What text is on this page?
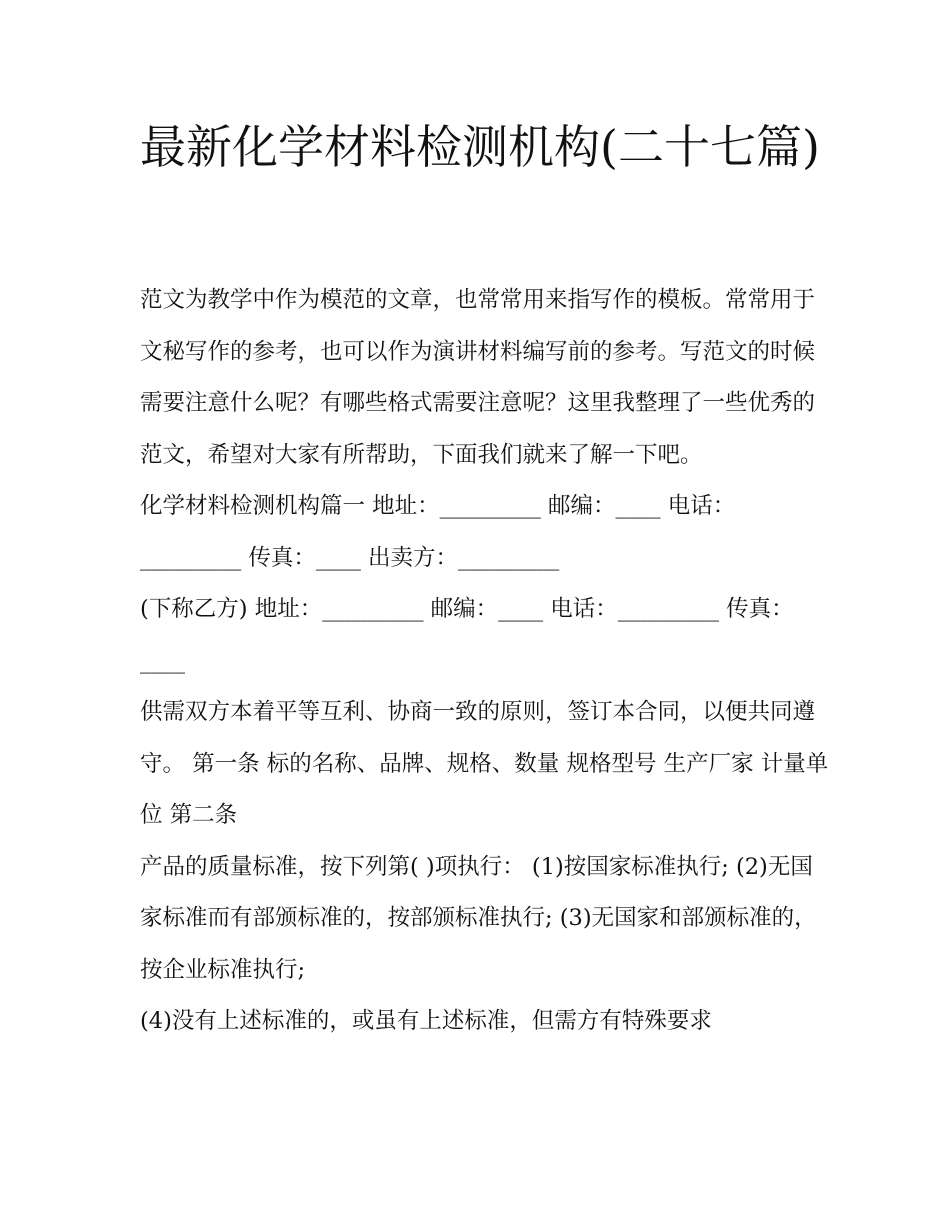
最新化学材料检测机构(二十七篇)

范文为教学中作为模范的文章，也常常用来指写作的模板。常常用于文秘写作的参考，也可以作为演讲材料编写前的参考。写范文的时候需要注意什么呢？有哪些格式需要注意呢？这里我整理了一些优秀的范文，希望对大家有所帮助，下面我们就来了解一下吧。

化学材料检测机构篇一 地址：_________ 邮编：____ 电话：_________ 传真：____ 出卖方：_________

(下称乙方) 地址：_________ 邮编：____ 电话：_________ 传真：____

供需双方本着平等互利、协商一致的原则，签订本合同，以便共同遵守。 第一条 标的名称、品牌、规格、数量 规格型号 生产厂家 计量单位 第二条

产品的质量标准，按下列第( )项执行： (1)按国家标准执行; (2)无国家标准而有部颁标准的，按部颁标准执行; (3)无国家和部颁标准的，按企业标准执行;

(4)没有上述标准的，或虽有上述标准，但需方有特殊要求
